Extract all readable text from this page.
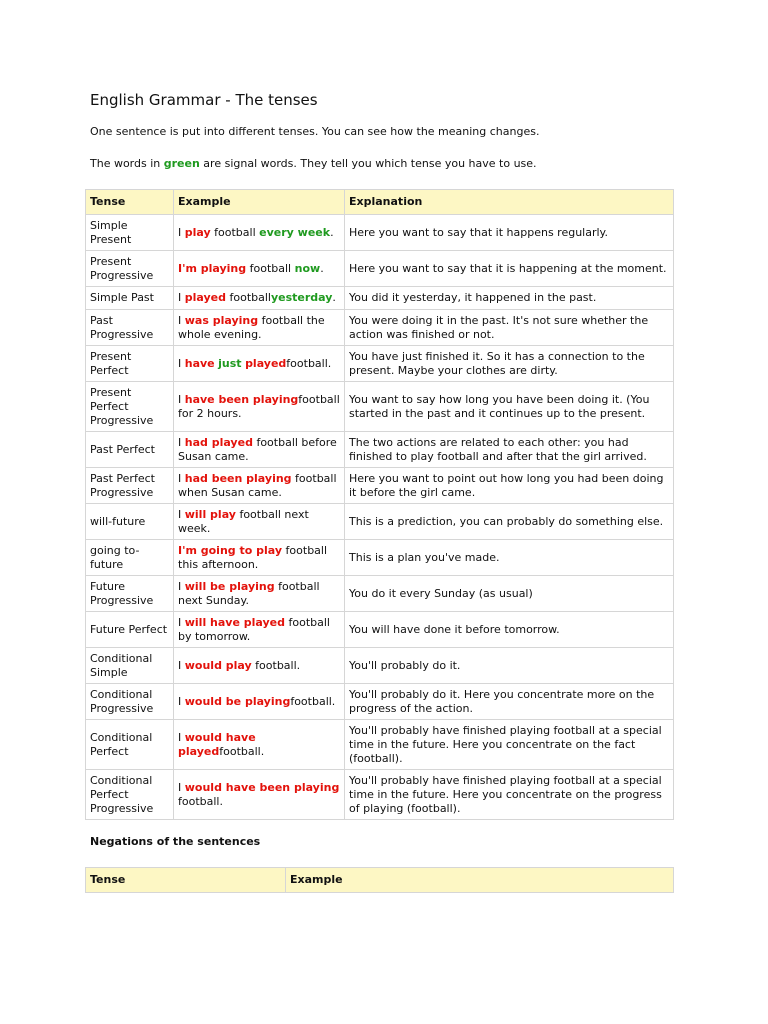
English Grammar - The tenses

One sentence is put into different tenses. You can see how the meaning changes.

The words in green are signal words. They tell you which tense you have to use.

Tense	Example	Explanation
Simple Present	I play football every week.	Here you want to say that it happens regularly.
Present Progressive	I'm playing football now.	Here you want to say that it is happening at the moment.
Simple Past	I played footballyesterday.	You did it yesterday, it happened in the past.
Past Progressive	I was playing football the whole evening.	You were doing it in the past. It's not sure whether the action was finished or not.
Present Perfect	I have just playedfootball.	You have just finished it. So it has a connection to the present. Maybe your clothes are dirty.
Present Perfect Progressive	I have been playingfootball for 2 hours.	You want to say how long you have been doing it. (You started in the past and it continues up to the present.
Past Perfect	I had played football before Susan came.	The two actions are related to each other: you had finished to play football and after that the girl arrived.
Past Perfect Progressive	I had been playing football when Susan came.	Here you want to point out how long you had been doing it before the girl came.
will-future	I will play football next week.	This is a prediction, you can probably do something else.
going to-future	I'm going to play football this afternoon.	This is a plan you've made.
Future Progressive	I will be playing football next Sunday.	You do it every Sunday (as usual)
Future Perfect	I will have played football by tomorrow.	You will have done it before tomorrow.
Conditional Simple	I would play football.	You'll probably do it.
Conditional Progressive	I would be playingfootball.	You'll probably do it. Here you concentrate more on the progress of the action.
Conditional Perfect	I would have playedfootball.	You'll probably have finished playing football at a special time in the future. Here you concentrate on the fact (football).
Conditional Perfect Progressive	I would have been playing football.	You'll probably have finished playing football at a special time in the future. Here you concentrate on the progress of playing (football).

Negations of the sentences

Tense	Example
